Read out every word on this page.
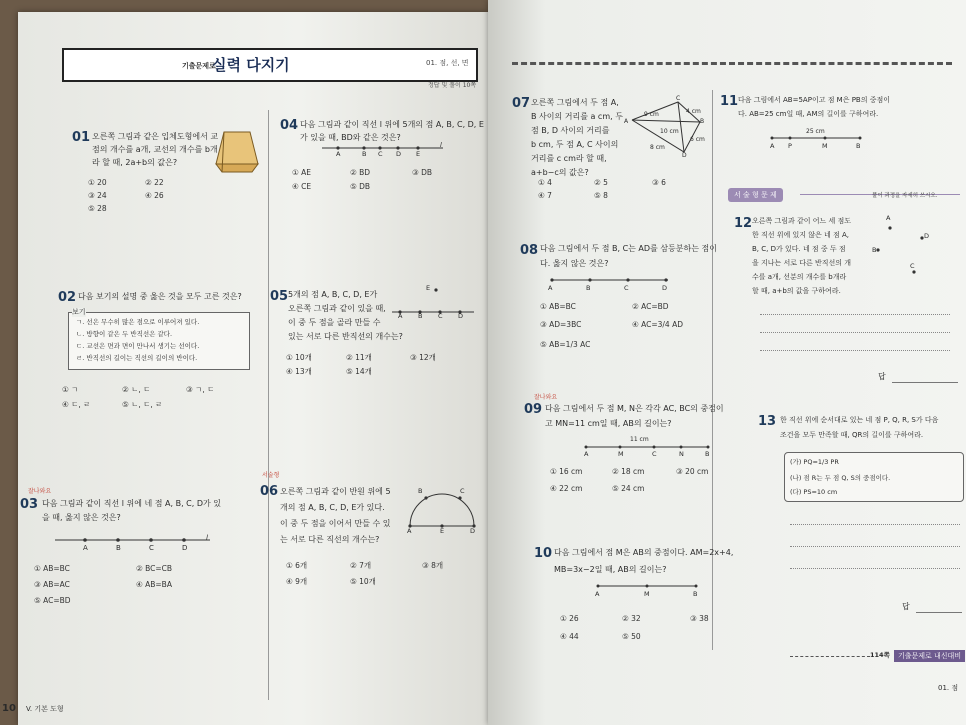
기출문제로
실력 다지기	01. 점, 선, 면
정답 및 풀이 10쪽
01 오른쪽 그림과 같은 입체도형에서 교
점의 개수를 a개, 교선의 개수를 b개
라 할 때, 2a+b의 값은?
① 20	② 22
③ 24	④ 26
⑤ 28
02 다음 보기의 설명 중 옳은 것을 모두 고른 것은?
보기
ㄱ. 선은 무수히 많은 점으로 이루어져 있다.
ㄴ. 방향이 같은 두 반직선은 같다.
ㄷ. 교선은 면과 면이 만나서 생기는 선이다.
ㄹ. 반직선의 길이는 직선의 길이의 반이다.
① ㄱ	② ㄴ, ㄷ	③ ㄱ, ㄷ
④ ㄷ, ㄹ	⑤ ㄴ, ㄷ, ㄹ
잘나와요
03 다음 그림과 같이 직선 l 위에 네 점 A, B, C, D가 있
을 때, 옳지 않은 것은?
A	B	C	D
l
① AB=BC	② BC=CB
③ AB=AC	④ AB=BA
⑤ AC=BD
04 다음 그림과 같이 직선 l 위에 5개의 점 A, B, C, D, E
가 있을 때, BD와 같은 것은?
A	B C D E
l
① AE	② BD	③ DB
④ CE	⑤ DB
05 5개의 점 A, B, C, D, E가
오른쪽 그림과 같이 있을 때,
이 중 두 점을 골라 만들 수
있는 서로 다른 반직선의 개수는?
A B C D
E
① 10개	② 11개	③ 12개
④ 13개	⑤ 14개
서술형
06 오른쪽 그림과 같이 반원 위에 5
개의 점 A, B, C, D, E가 있다.
이 중 두 점을 이어서 만들 수 있
는 서로 다른 직선의 개수는?
A
B	C
D
E
① 6개	② 7개	③ 8개
④ 9개	⑤ 10개
10 V. 기본 도형
07 오른쪽 그림에서 두 점 A,
B 사이의 거리를 a cm, 두
점 B, D 사이의 거리를
b cm, 두 점 A, C 사이의
거리를 c cm라 할 때,
a+b−c의 값은?
9 cm	4 cm
10 cm
6 cm
8 cm
A	B
C
D
① 4	② 5	③ 6
④ 7	⑤ 8
08 다음 그림에서 두 점 B, C는 AD를 삼등분하는 점이
다. 옳지 않은 것은?
A	B	C	D
① AB=BC	② AC=BD
③ AD=3BC	④ AC=3/4 AD
⑤ AB=1/3 AC
잘나와요
09 다음 그림에서 두 점 M, N은 각각 AC, BC의 중점이
고 MN=11 cm일 때, AB의 길이는?
11 cm
A	M	C	N	B
① 16 cm	② 18 cm	③ 20 cm
④ 22 cm	⑤ 24 cm
10 다음 그림에서 점 M은 AB의 중점이다. AM=2x+4,
MB=3x−2일 때, AB의 길이는?
A	M	B
① 26	② 32	③ 38
④ 44	⑤ 50
11 다음 그림에서 AB=5AP이고 점 M은 PB의 중점이
다. AB=25 cm일 때, AM의 길이를 구하여라.
25 cm
A P	M	B
서 술 형 문 제	풀이 과정을 자세히 쓰시오.
12 오른쪽 그림과 같이 어느 세 점도
한 직선 위에 있지 않은 네 점 A,
B, C, D가 있다. 네 점 중 두 점
을 지나는 서로 다른 반직선의 개
수를 a개, 선분의 개수를 b개라
할 때, a+b의 값을 구하여라.
A
B
C
D
답
13 한 직선 위에 순서대로 있는 네 점 P, Q, R, S가 다음
조건을 모두 만족할 때, QR의 길이를 구하여라.
(가) PQ=1/3 PR
(나) 점 R는 두 점 Q, S의 중점이다.
(다) PS=10 cm
답
114쪽	기출문제로 내신대비
01. 점
